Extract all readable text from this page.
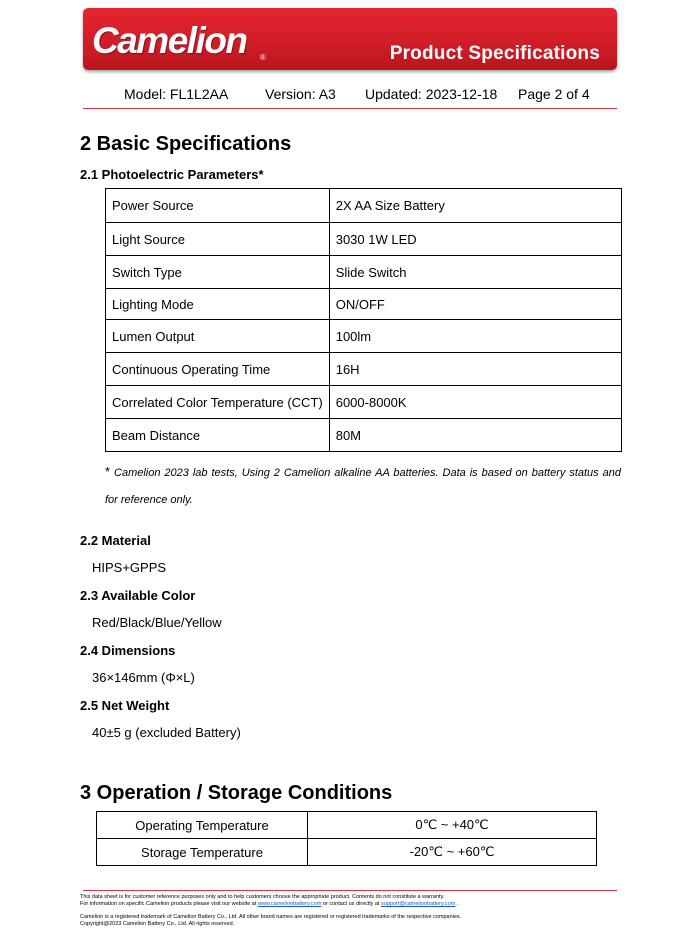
Camelion ®	Product Specifications
Model: FL1L2AA	Version: A3 Updated: 2023-12-18 Page 2 of 4
2 Basic Specifications
2.1 Photoelectric Parameters*
Power Source	2X AA Size Battery
Light Source	3030 1W LED
Switch Type	Slide Switch
Lighting Mode	ON/OFF
Lumen Output	100lm
Continuous Operating Time	16H
Correlated Color Temperature (CCT)	6000-8000K
Beam Distance	80M
* Camelion 2023 lab tests, Using 2 Camelion alkaline AA batteries. Data is based on battery status and for reference only.
2.2 Material
HIPS+GPPS
2.3 Available Color
Red/Black/Blue/Yellow
2.4 Dimensions
36×146mm (Φ×L)
2.5 Net Weight
40±5 g (excluded Battery)
3 Operation / Storage Conditions
Operating Temperature	0℃ ~ +40℃
Storage Temperature	-20℃ ~ +60℃
This data sheet is for customer reference purposes only and to help customers choose the appropriate product. Contents do not constitute a warranty.
For information on specific Camelion products please visit our website at www.camelionbattery.com or contact us directly at support@camelionbattery.com .
Camelion is a registered trademark of Camelion Battery Co., Ltd. All other brand names are registered or registered trademarks of the respective companies.
Copyright@2023 Camelion Battery Co., Ltd. All rights reserved.
